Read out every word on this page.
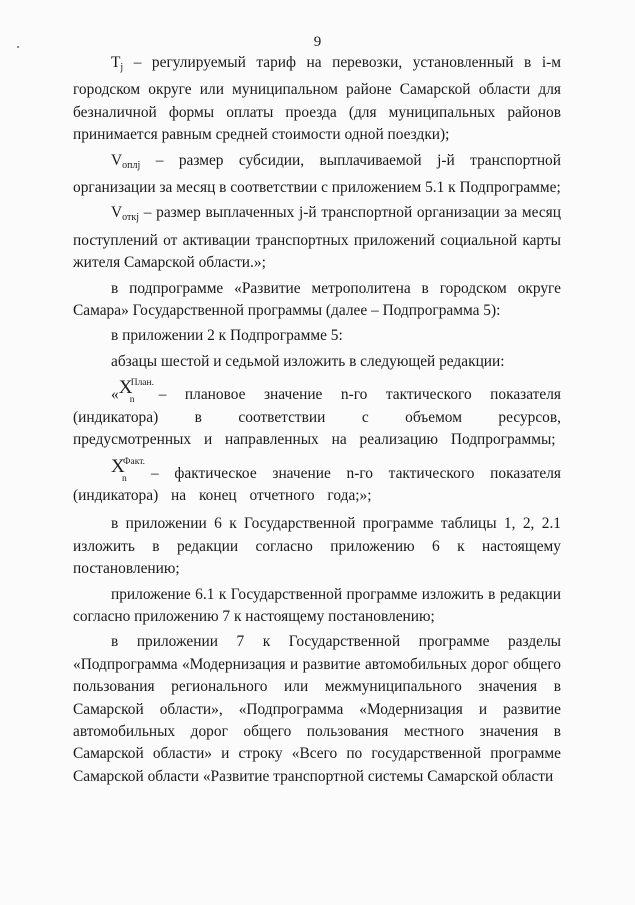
9

$T_j$ – регулируемый тариф на перевозки, установленный в i-м городском округе или муниципальном районе Самарской области для безналичной формы оплаты проезда (для муниципальных районов принимается равным средней стоимости одной поездки);

$V_{оплj}$ – размер субсидии, выплачиваемой j-й транспортной организации за месяц в соответствии с приложением 5.1 к Подпрограмме;

$V_{откj}$ – размер выплаченных j-й транспортной организации за месяц поступлений от активации транспортных приложений социальной карты жителя Самарской области.»;

в подпрограмме «Развитие метрополитена в городском округе Самара» Государственной программы (далее – Подпрограмма 5):

в приложении 2 к Подпрограмме 5:

абзацы шестой и седьмой изложить в следующей редакции:

« X
План.
n – плановое значение n-го тактического показателя (индикатора) в соответствии с объемом ресурсов, предусмотренных и направленных на реализацию Подпрограммы;

X
Факт.
n – фактическое значение n-го тактического показателя (индикатора) на конец отчетного года;»;

в приложении 6 к Государственной программе таблицы 1, 2, 2.1 изложить в редакции согласно приложению 6 к настоящему постановлению;

приложение 6.1 к Государственной программе изложить в редакции согласно приложению 7 к настоящему постановлению;

в приложении 7 к Государственной программе разделы «Подпрограмма «Модернизация и развитие автомобильных дорог общего пользования регионального или межмуниципального значения в Самарской области», «Подпрограмма «Модернизация и развитие автомобильных дорог общего пользования местного значения в Самарской области» и строку «Всего по государственной программе Самарской области «Развитие транспортной системы Самарской области
